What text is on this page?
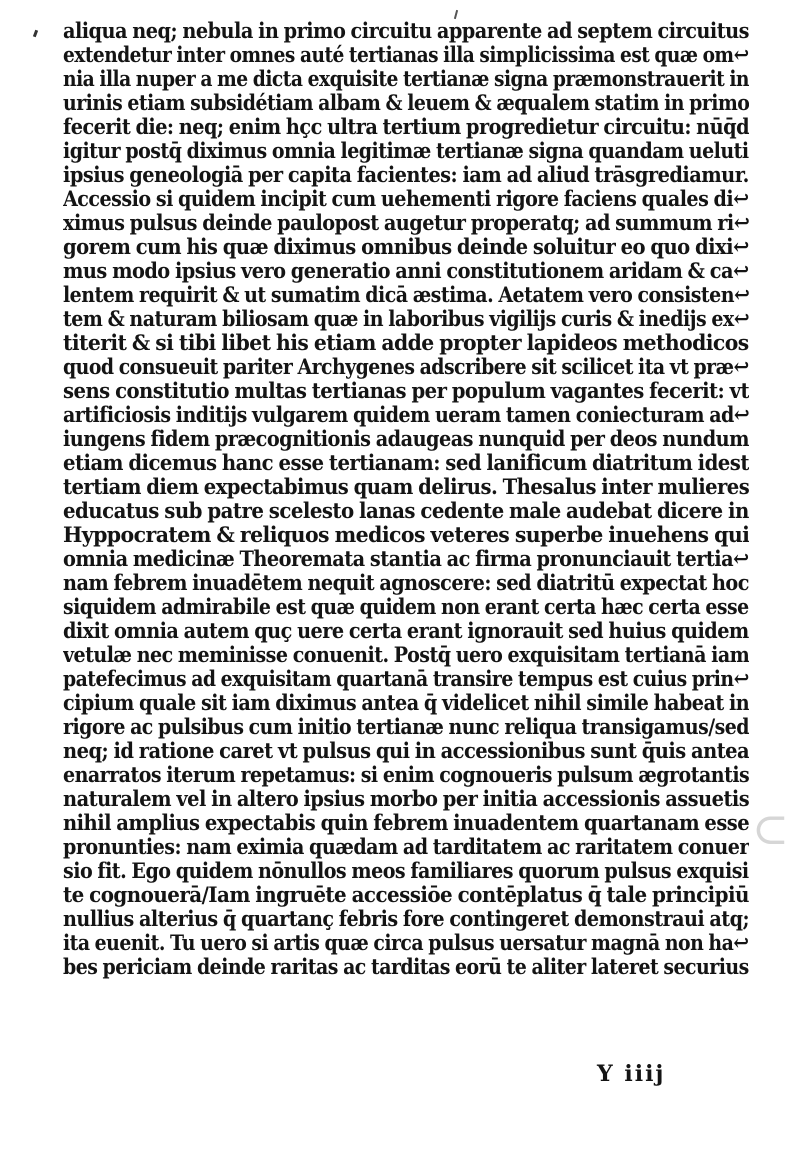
⊂
aliqua neq; nebula in primo circuitu apparente ad septem circuitus
extendetur inter omnes auté tertianas illa simplicissima est quæ om↩
nia illa nuper a me dicta exquisite tertianæ signa præmonstrauerit in
urinis etiam subsidétiam albam & leuem & æqualem statim in primo
fecerit die: neq; enim hçc ultra tertium progredietur circuitu: nūq̄d
igitur postq̄ diximus omnia legitimæ tertianæ signa quandam ueluti
ipsius geneologiā per capita facientes: iam ad aliud trāsgrediamur.
Accessio si quidem incipit cum uehementi rigore faciens quales di↩
ximus pulsus deinde paulopost augetur properatq; ad summum ri↩
gorem cum his quæ diximus omnibus deinde soluitur eo quo dixi↩
mus modo ipsius vero generatio anni constitutionem aridam & ca↩
lentem requirit & ut sumatim dicā æstima. Aetatem vero consisten↩
tem & naturam biliosam quæ in laboribus vigilijs curis & inedijs ex↩
titerit & si tibi libet his etiam adde propter lapideos methodicos
quod consueuit pariter Archygenes adscribere sit scilicet ita vt præ↩
sens constitutio multas tertianas per populum vagantes fecerit: vt
artificiosis inditijs vulgarem quidem ueram tamen coniecturam ad↩
iungens fidem præcognitionis adaugeas nunquid per deos nundum
etiam dicemus hanc esse tertianam: sed lanificum diatritum idest
tertiam diem expectabimus quam delirus. Thesalus inter mulieres
educatus sub patre scelesto lanas cedente male audebat dicere in
Hyppocratem & reliquos medicos veteres superbe inuehens qui
omnia medicinæ Theoremata stantia ac firma pronunciauit tertia↩
nam febrem inuadētem nequit agnoscere: sed diatritū expectat hoc
siquidem admirabile est quæ quidem non erant certa hæc certa esse
dixit omnia autem quç uere certa erant ignorauit sed huius quidem
vetulæ nec meminisse conuenit. Postq̄ uero exquisitam tertianā iam
patefecimus ad exquisitam quartanā transire tempus est cuius prin↩
cipium quale sit iam diximus antea q̄ videlicet nihil simile habeat in
rigore ac pulsibus cum initio tertianæ nunc reliqua transigamus/sed
neq; id ratione caret vt pulsus qui in accessionibus sunt q̄uis antea
enarratos iterum repetamus: si enim cognoueris pulsum ægrotantis
naturalem vel in altero ipsius morbo per initia accessionis assuetis
nihil amplius expectabis quin febrem inuadentem quartanam esse
pronunties: nam eximia quædam ad tarditatem ac raritatem conuer
sio fit. Ego quidem nōnullos meos familiares quorum pulsus exquisi
te cognouerā/Iam ingruēte accessiōe contēplatus q̄ tale principiū
nullius alterius q̄ quartanç febris fore contingeret demonstraui atq;
ita euenit. Tu uero si artis quæ circa pulsus uersatur magnā non ha↩
bes periciam deinde raritas ac tarditas eorū te aliter lateret securius
Y iiij
